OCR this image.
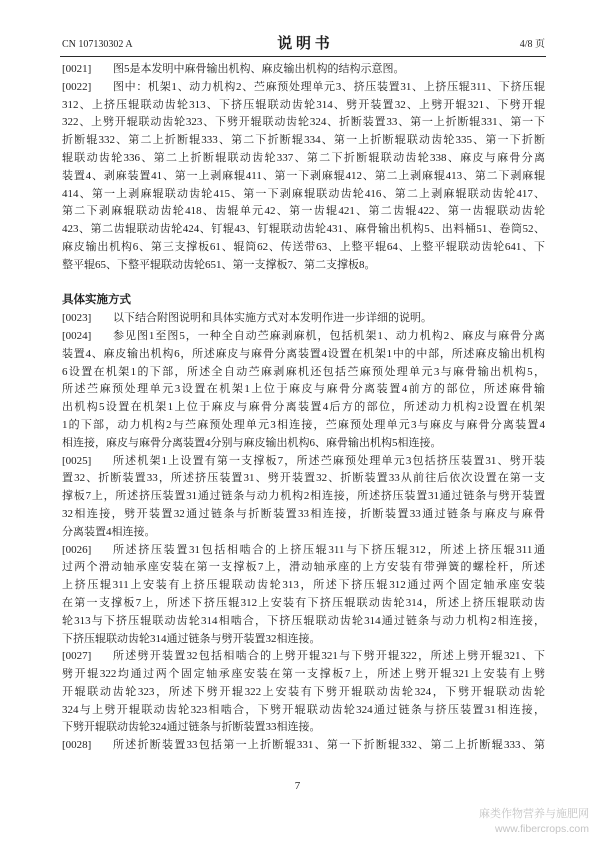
CN 107130302 A	说 明 书	4/8 页
[0021] 图5是本发明中麻骨输出机构、麻皮输出机构的结构示意图。
[0022] 图中：机架1、动力机构2、苎麻预处理单元3、挤压装置31、上挤压辊311、下挤压辊
312、上挤压辊联动齿轮313、下挤压辊联动齿轮314、劈开装置32、上劈开辊321、下劈开辊
322、上劈开辊联动齿轮323、下劈开辊联动齿轮324、折断装置33、第一上折断辊331、第一下
折断辊332、第二上折断辊333、第二下折断辊334、第一上折断辊联动齿轮335、第一下折断
辊联动齿轮336、第二上折断辊联动齿轮337、第二下折断辊联动齿轮338、麻皮与麻骨分离
装置4、剥麻装置41、第一上剥麻辊411、第一下剥麻辊412、第二上剥麻辊413、第二下剥麻辊
414、第一上剥麻辊联动齿轮415、第一下剥麻辊联动齿轮416、第二上剥麻辊联动齿轮417、
第二下剥麻辊联动齿轮418、齿辊单元42、第一齿辊421、第二齿辊422、第一齿辊联动齿轮
423、第二齿辊联动齿轮424、钉辊43、钉辊联动齿轮431、麻骨输出机构5、出料桶51、卷筒52、
麻皮输出机构6、第三支撑板61、辊筒62、传送带63、上整平辊64、上整平辊联动齿轮641、下
整平辊65、下整平辊联动齿轮651、第一支撑板7、第二支撑板8。
具体实施方式
[0023] 以下结合附图说明和具体实施方式对本发明作进一步详细的说明。
[0024] 参见图1至图5，一种全自动苎麻剥麻机，包括机架1、动力机构2、麻皮与麻骨分离
装置4、麻皮输出机构6，所述麻皮与麻骨分离装置4设置在机架1中的中部，所述麻皮输出机构
6设置在机架1的下部，所述全自动苎麻剥麻机还包括苎麻预处理单元3与麻骨输出机构5，
所述苎麻预处理单元3设置在机架1上位于麻皮与麻骨分离装置4前方的部位，所述麻骨输
出机构5设置在机架1上位于麻皮与麻骨分离装置4后方的部位，所述动力机构2设置在机架
1的下部，动力机构2与苎麻预处理单元3相连接，苎麻预处理单元3与麻皮与麻骨分离装置4
相连接，麻皮与麻骨分离装置4分别与麻皮输出机构6、麻骨输出机构5相连接。
[0025] 所述机架1上设置有第一支撑板7，所述苎麻预处理单元3包括挤压装置31、劈开装
置32、折断装置33，所述挤压装置31、劈开装置32、折断装置33从前往后依次设置在第一支
撑板7上，所述挤压装置31通过链条与动力机构2相连接，所述挤压装置31通过链条与劈开装置
32相连接，劈开装置32通过链条与折断装置33相连接，折断装置33通过链条与麻皮与麻骨
分离装置4相连接。
[0026] 所述挤压装置31包括相啮合的上挤压辊311与下挤压辊312，所述上挤压辊311通
过两个滑动轴承座安装在第一支撑板7上，滑动轴承座的上方安装有带弹簧的螺栓杆，所述
上挤压辊311上安装有上挤压辊联动齿轮313，所述下挤压辊312通过两个固定轴承座安装
在第一支撑板7上，所述下挤压辊312上安装有下挤压辊联动齿轮314，所述上挤压辊联动齿
轮313与下挤压辊联动齿轮314相啮合，下挤压辊联动齿轮314通过链条与动力机构2相连接，
下挤压辊联动齿轮314通过链条与劈开装置32相连接。
[0027] 所述劈开装置32包括相啮合的上劈开辊321与下劈开辊322，所述上劈开辊321、下
劈开辊322均通过两个固定轴承座安装在第一支撑板7上，所述上劈开辊321上安装有上劈
开辊联动齿轮323，所述下劈开辊322上安装有下劈开辊联动齿轮324，下劈开辊联动齿轮
324与上劈开辊联动齿轮323相啮合，下劈开辊联动齿轮324通过链条与挤压装置31相连接，
下劈开辊联动齿轮324通过链条与折断装置33相连接。
[0028] 所述折断装置33包括第一上折断辊331、第一下折断辊332、第二上折断辊333、第
7
麻类作物营养与施肥网
www.fibercrops.com
